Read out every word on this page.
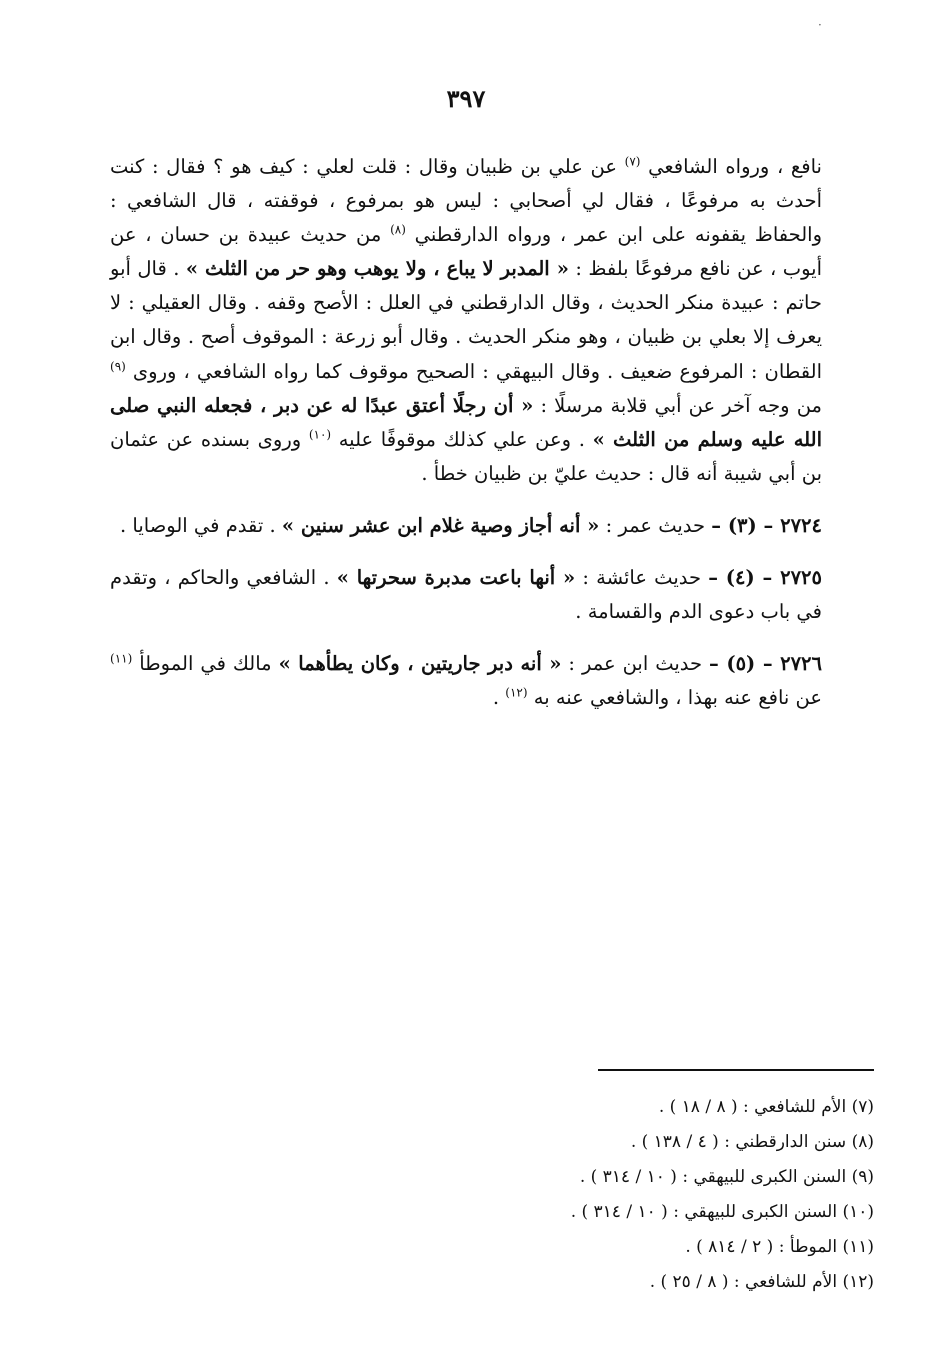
·
٣٩٧

نافع ، ورواه الشافعي $^{(٧)}$ عن علي بن ظبيان وقال : قلت لعلي : كيف هو ؟ فقال : كنت أحدث به مرفوعًا ، فقال لي أصحابي : ليس هو بمرفوع ، فوقفته ، قال الشافعي : والحفاظ يقفونه على ابن عمر ، ورواه الدارقطني $^{(٨)}$ من حديث عبيدة بن حسان ، عن أيوب ، عن نافع مرفوعًا بلفظ : « المدبر لا يباع ، ولا يوهب وهو حر من الثلث » . قال أبو حاتم : عبيدة منكر الحديث ، وقال الدارقطني في العلل : الأصح وقفه . وقال العقيلي : لا يعرف إلا بعلي بن ظبيان ، وهو منكر الحديث . وقال أبو زرعة : الموقوف أصح . وقال ابن القطان : المرفوع ضعيف . وقال البيهقي : الصحيح موقوف كما رواه الشافعي ، وروى $^{(٩)}$ من وجه آخر عن أبي قلابة مرسلًا : « أن رجلًا أعتق عبدًا له عن دبر ، فجعله النبي صلى الله عليه وسلم من الثلث » . وعن علي كذلك موقوفًا عليه $^{(١٠)}$ وروى بسنده عن عثمان بن أبي شيبة أنه قال : حديث عليّ بن ظبيان خطأ .

٢٧٢٤ – (٣) – حديث عمر : « أنه أجاز وصية غلام ابن عشر سنين » . تقدم في الوصايا .

٢٧٢٥ – (٤) – حديث عائشة : « أنها باعت مدبرة سحرتها » . الشافعي والحاكم ، وتقدم في باب دعوى الدم والقسامة .

٢٧٢٦ – (٥) – حديث ابن عمر : « أنه دبر جاريتين ، وكان يطأهما » مالك في الموطأ $^{(١١)}$ عن نافع عنه بهذا ، والشافعي عنه به $^{(١٢)}$ .

(٧) الأم للشافعي : ( ٨ / ١٨ ) .
(٨) سنن الدارقطني : ( ٤ / ١٣٨ ) .
(٩) السنن الكبرى للبيهقي : ( ١٠ / ٣١٤ ) .
(١٠) السنن الكبرى للبيهقي : ( ١٠ / ٣١٤ ) .
(١١) الموطأ : ( ٢ / ٨١٤ ) .
(١٢) الأم للشافعي : ( ٨ / ٢٥ ) .
